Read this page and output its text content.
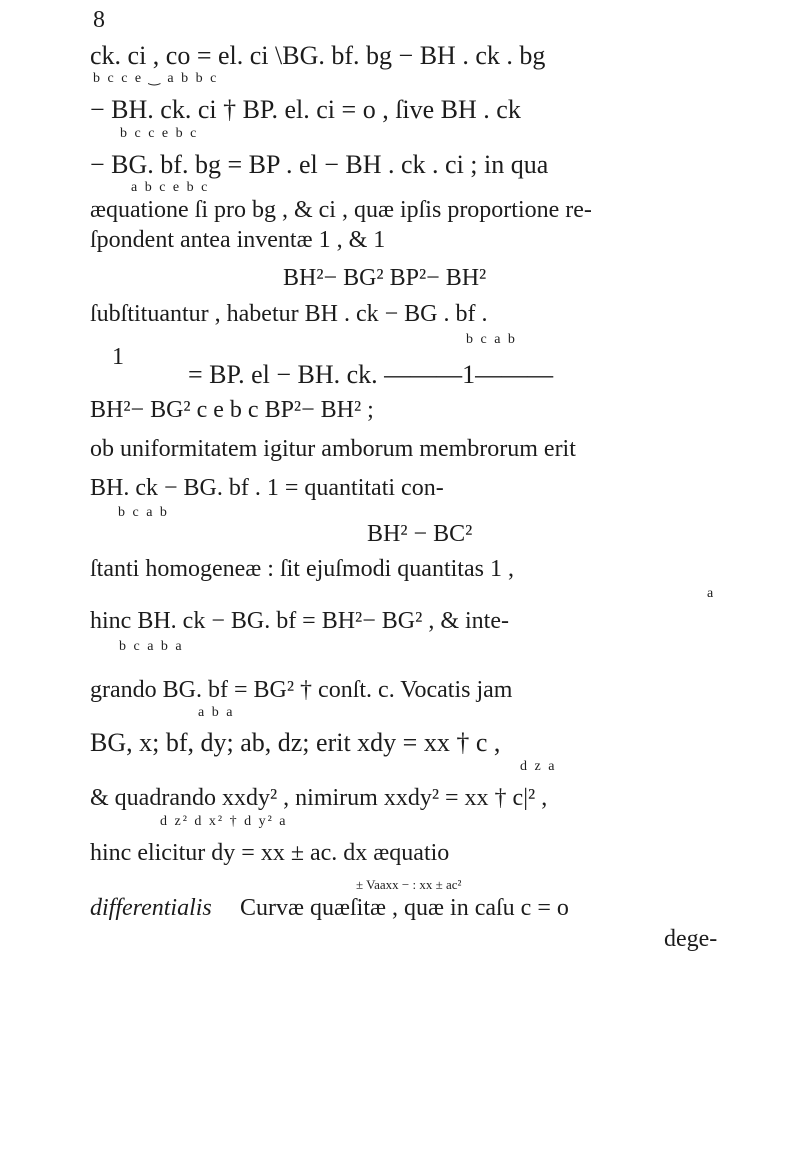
8
ck. ci , co = el. ci \BG. bf. bg − BH . ck . bg
b c c e ‿ a b b c
− BH. ck. ci † BP. el. ci = o , ſive BH . ck
b c c e b c
− BG. bf. bg = BP . el − BH . ck . ci ; in qua
a b c e b c
æquatione ſi pro bg , & ci , quæ ipſis proportione re-
ſpondent antea inventæ 1 , & 1
BH²− BG² BP²− BH²
ſubſtituantur , habetur BH . ck − BG . bf .
b c a b
1
= BP. el − BH. ck. ———1———
BH²− BG² c e b c BP²− BH² ;
ob uniformitatem igitur amborum membrorum erit
BH. ck − BG. bf . 1 = quantitati con-
b c a b
BH² − BC²
ſtanti homogeneæ : ſit ejuſmodi quantitas 1 ,
a
hinc BH. ck − BG. bf = BH²− BG² , & inte-
b c a b a
grando BG. bf = BG² † conſt. c. Vocatis jam
a b a
BG, x; bf, dy; ab, dz; erit xdy = xx † c ,
d z a
& quadrando xxdy² , nimirum xxdy² = xx † c|² ,
d z² d x² † d y² a
hinc elicitur dy = xx ± ac. dx æquatio
± Vaaxx − : xx ± ac²
differentialis Curvæ quæſitæ , quæ in caſu c = o
dege-
